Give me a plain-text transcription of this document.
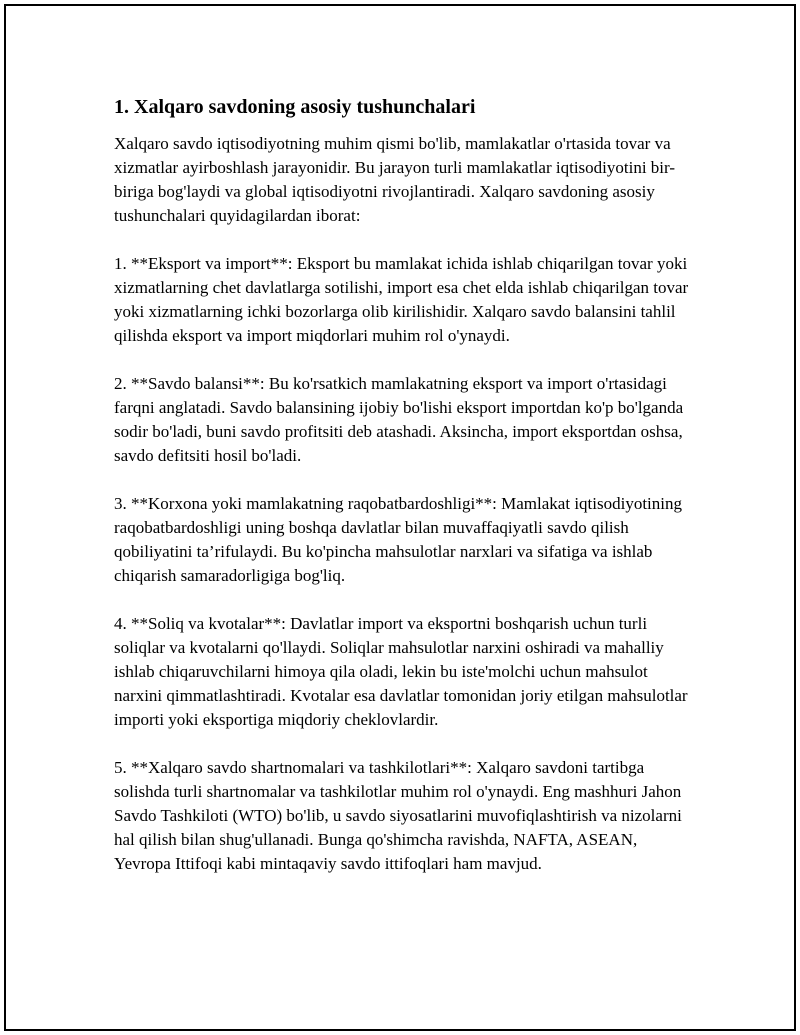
1. Xalqaro savdoning asosiy tushunchalari

Xalqaro savdo iqtisodiyotning muhim qismi bo'lib, mamlakatlar o'rtasida tovar va xizmatlar ayirboshlash jarayonidir. Bu jarayon turli mamlakatlar iqtisodiyotini bir-biriga bog'laydi va global iqtisodiyotni rivojlantiradi. Xalqaro savdoning asosiy tushunchalari quyidagilardan iborat:

1. **Eksport va import**: Eksport bu mamlakat ichida ishlab chiqarilgan tovar yoki xizmatlarning chet davlatlarga sotilishi, import esa chet elda ishlab chiqarilgan tovar yoki xizmatlarning ichki bozorlarga olib kirilishidir. Xalqaro savdo balansini tahlil qilishda eksport va import miqdorlari muhim rol o'ynaydi.

2. **Savdo balansi**: Bu ko'rsatkich mamlakatning eksport va import o'rtasidagi farqni anglatadi. Savdo balansining ijobiy bo'lishi eksport importdan ko'p bo'lganda sodir bo'ladi, buni savdo profitsiti deb atashadi. Aksincha, import eksportdan oshsa, savdo defitsiti hosil bo'ladi.

3. **Korxona yoki mamlakatning raqobatbardoshligi**: Mamlakat iqtisodiyotining raqobatbardoshligi uning boshqa davlatlar bilan muvaffaqiyatli savdo qilish qobiliyatini ta’rifulaydi. Bu ko'pincha mahsulotlar narxlari va sifatiga va ishlab chiqarish samaradorligiga bog'liq.

4. **Soliq va kvotalar**: Davlatlar import va eksportni boshqarish uchun turli soliqlar va kvotalarni qo'llaydi. Soliqlar mahsulotlar narxini oshiradi va mahalliy ishlab chiqaruvchilarni himoya qila oladi, lekin bu iste'molchi uchun mahsulot narxini qimmatlashtiradi. Kvotalar esa davlatlar tomonidan joriy etilgan mahsulotlar importi yoki eksportiga miqdoriy cheklovlardir.

5. **Xalqaro savdo shartnomalari va tashkilotlari**: Xalqaro savdoni tartibga solishda turli shartnomalar va tashkilotlar muhim rol o'ynaydi. Eng mashhuri Jahon Savdo Tashkiloti (WTO) bo'lib, u savdo siyosatlarini muvofiqlashtirish va nizolarni hal qilish bilan shug'ullanadi. Bunga qo'shimcha ravishda, NAFTA, ASEAN, Yevropa Ittifoqi kabi mintaqaviy savdo ittifoqlari ham mavjud.
